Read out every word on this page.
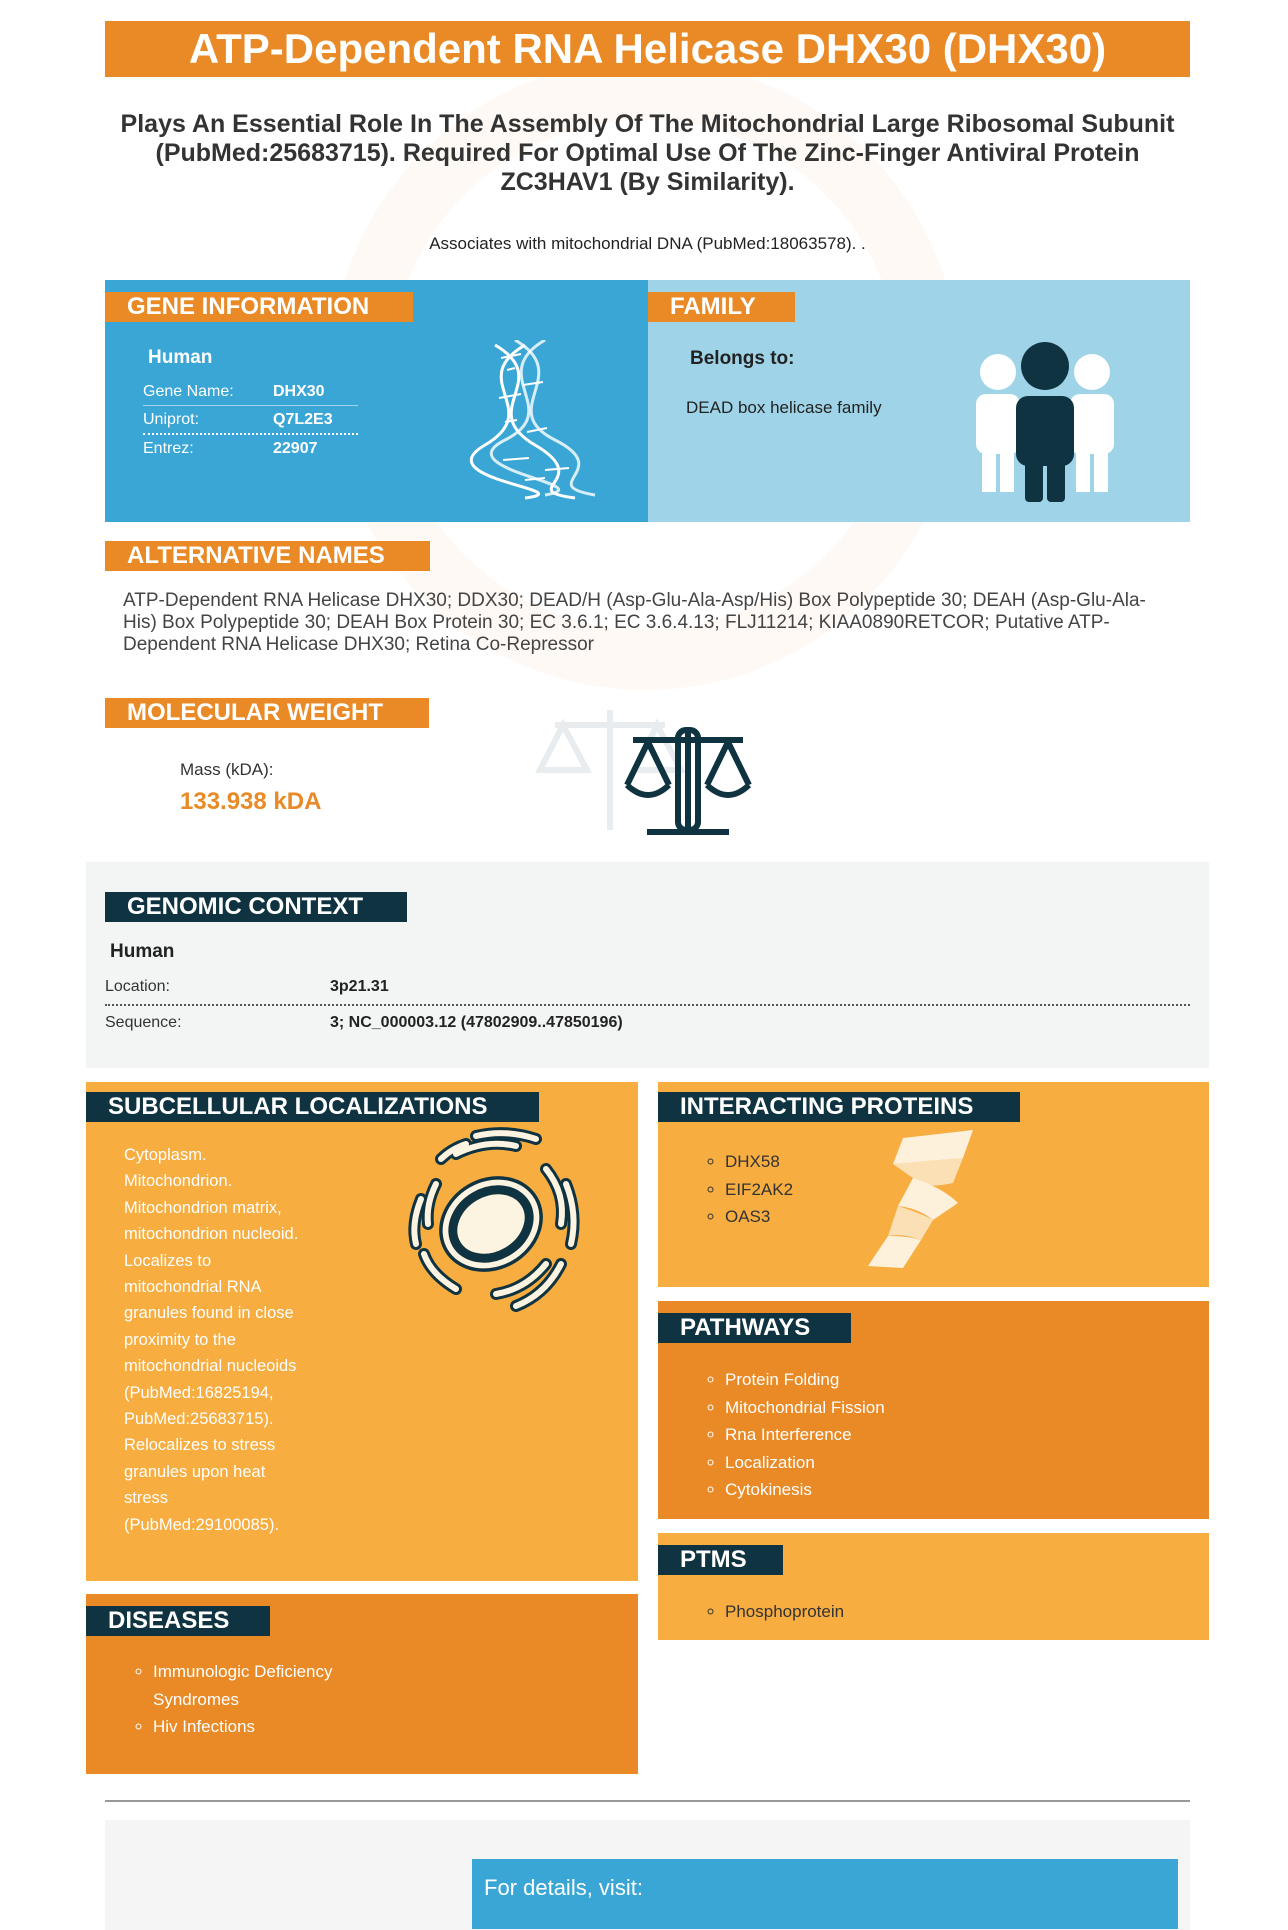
ATP-Dependent RNA Helicase DHX30 (DHX30)
Plays An Essential Role In The Assembly Of The Mitochondrial Large Ribosomal Subunit (PubMed:25683715). Required For Optimal Use Of The Zinc-Finger Antiviral Protein ZC3HAV1 (By Similarity).
Associates with mitochondrial DNA (PubMed:18063578). .
GENE INFORMATION
Human
Gene Name:	DHX30
Uniprot:	Q7L2E3
Entrez:	22907
FAMILY
Belongs to:
DEAD box helicase family
ALTERNATIVE NAMES
ATP-Dependent RNA Helicase DHX30; DDX30; DEAD/H (Asp-Glu-Ala-Asp/His) Box Polypeptide 30; DEAH (Asp-Glu-Ala-His) Box Polypeptide 30; DEAH Box Protein 30; EC 3.6.1; EC 3.6.4.13; FLJ11214; KIAA0890RETCOR; Putative ATP-Dependent RNA Helicase DHX30; Retina Co-Repressor
MOLECULAR WEIGHT
Mass (kDA):
133.938 kDA
GENOMIC CONTEXT
Human
Location:	3p21.31
Sequence:	3; NC_000003.12 (47802909..47850196)
SUBCELLULAR LOCALIZATIONS
Cytoplasm.
Mitochondrion.
Mitochondrion matrix,
mitochondrion nucleoid.
Localizes to
mitochondrial RNA
granules found in close
proximity to the
mitochondrial nucleoids
(PubMed:16825194,
PubMed:25683715).
Relocalizes to stress
granules upon heat
stress
(PubMed:29100085).
DISEASES
◦ Immunologic Deficiency Syndromes
◦ Hiv Infections
INTERACTING PROTEINS
◦ DHX58
◦ EIF2AK2
◦ OAS3
PATHWAYS
◦ Protein Folding
◦ Mitochondrial Fission
◦ Rna Interference
◦ Localization
◦ Cytokinesis
PTMS
◦ Phosphoprotein
For details, visit:
